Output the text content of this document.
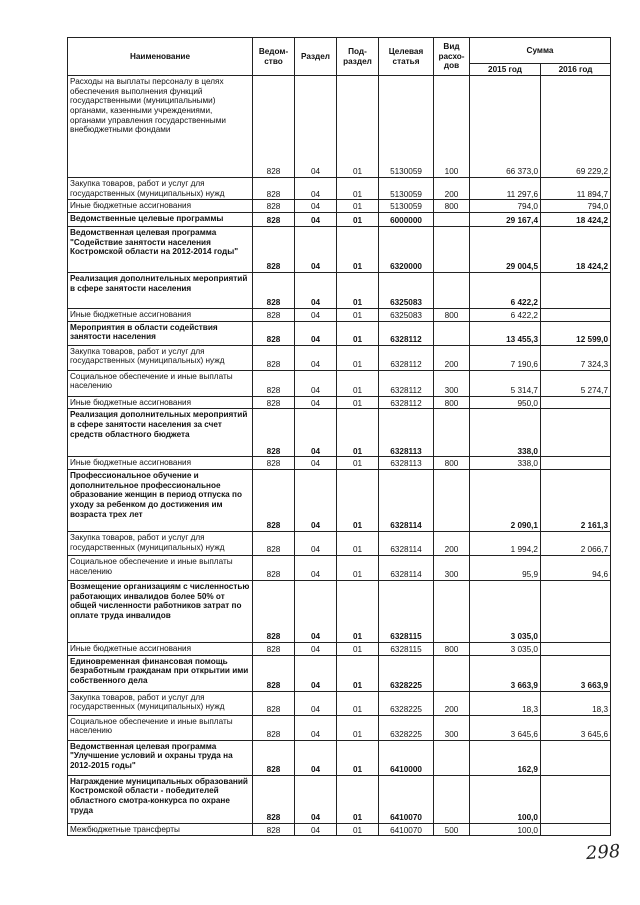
Наименование	Ведом-ство	Раздел	Под-раздел	Целевая статья	Вид расхо-дов	Сумма	
						2015 год	2016 год
Расходы на выплаты персоналу в целях обеспечения выполнения функций государственными (муниципальными) органами, казенными учреждениями, органами управления государственными внебюджетными фондами	828	04	01	5130059	100	66 373,0	69 229,2
Закупка товаров, работ и услуг для государственных (муниципальных) нужд	828	04	01	5130059	200	11 297,6	11 894,7
Иные бюджетные ассигнования	828	04	01	5130059	800	794,0	794,0
Ведомственные целевые программы	828	04	01	6000000		29 167,4	18 424,2
Ведомственная целевая программа "Содействие занятости населения Костромской области на 2012-2014 годы"	828	04	01	6320000		29 004,5	18 424,2
Реализация дополнительных мероприятий в сфере занятости населения	828	04	01	6325083		6 422,2	
Иные бюджетные ассигнования	828	04	01	6325083	800	6 422,2	
Мероприятия в области содействия занятости населения	828	04	01	6328112		13 455,3	12 599,0
Закупка товаров, работ и услуг для государственных (муниципальных) нужд	828	04	01	6328112	200	7 190,6	7 324,3
Социальное обеспечение и иные выплаты населению	828	04	01	6328112	300	5 314,7	5 274,7
Иные бюджетные ассигнования	828	04	01	6328112	800	950,0	
Реализация дополнительных мероприятий в сфере занятости населения за счет средств областного бюджета	828	04	01	6328113		338,0	
Иные бюджетные ассигнования	828	04	01	6328113	800	338,0	
Профессиональное обучение и дополнительное профессиональное образование женщин в период отпуска по уходу за ребенком до достижения им возраста трех лет	828	04	01	6328114		2 090,1	2 161,3
Закупка товаров, работ и услуг для государственных (муниципальных) нужд	828	04	01	6328114	200	1 994,2	2 066,7
Социальное обеспечение и иные выплаты населению	828	04	01	6328114	300	95,9	94,6
Возмещение организациям с численностью работающих инвалидов более 50% от общей численности работников затрат по оплате труда инвалидов	828	04	01	6328115		3 035,0	
Иные бюджетные ассигнования	828	04	01	6328115	800	3 035,0	
Единовременная финансовая помощь безработным гражданам при открытии ими собственного дела	828	04	01	6328225		3 663,9	3 663,9
Закупка товаров, работ и услуг для государственных (муниципальных) нужд	828	04	01	6328225	200	18,3	18,3
Социальное обеспечение и иные выплаты населению	828	04	01	6328225	300	3 645,6	3 645,6
Ведомственная целевая программа "Улучшение условий и охраны труда на 2012-2015 годы"	828	04	01	6410000		162,9	
Награждение муниципальных образований Костромской области - победителей областного смотра-конкурса по охране труда	828	04	01	6410070		100,0	
Межбюджетные трансферты	828	04	01	6410070	500	100,0	
298
